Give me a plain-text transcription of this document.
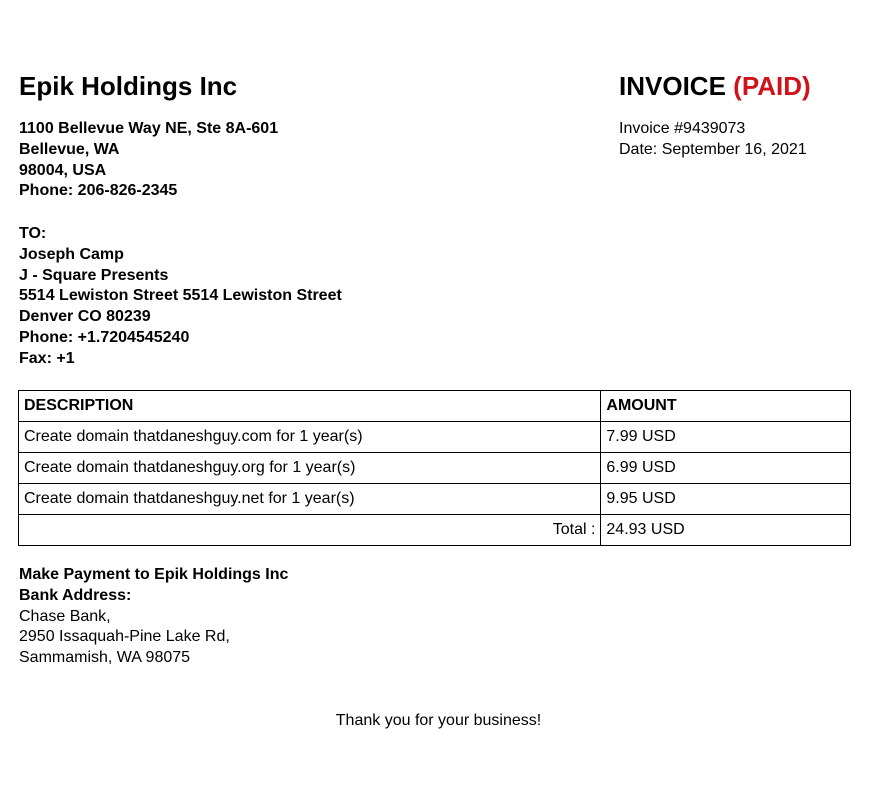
Epik Holdings Inc	INVOICE (PAID)
1100 Bellevue Way NE, Ste 8A-601
Bellevue, WA
98004, USA
Phone: 206-826-2345
Invoice #9439073
Date: September 16, 2021
TO:
Joseph Camp
J - Square Presents
5514 Lewiston Street 5514 Lewiston Street
Denver CO 80239
Phone: +1.7204545240
Fax: +1
DESCRIPTION	AMOUNT
Create domain thatdaneshguy.com for 1 year(s)	7.99 USD
Create domain thatdaneshguy.org for 1 year(s)	6.99 USD
Create domain thatdaneshguy.net for 1 year(s)	9.95 USD
Total :	24.93 USD
Make Payment to Epik Holdings Inc
Bank Address:
Chase Bank,
2950 Issaquah-Pine Lake Rd,
Sammamish, WA 98075
Thank you for your business!
